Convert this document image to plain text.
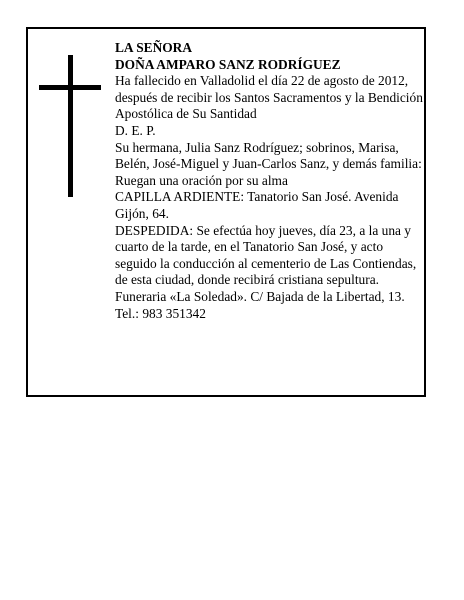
LA SEÑORA

DOÑA AMPARO SANZ RODRÍGUEZ

Ha fallecido en Valladolid el día 22 de agosto de 2012, después de recibir los Santos Sacramentos y la Bendición Apostólica de Su Santidad

D. E. P.

Su hermana, Julia Sanz Rodríguez; sobrinos, Marisa, Belén, José-Miguel y Juan-Carlos Sanz, y demás familia:

Ruegan una oración por su alma

CAPILLA ARDIENTE: Tanatorio San José. Avenida Gijón, 64.

DESPEDIDA: Se efectúa hoy jueves, día 23, a la una y cuarto de la tarde, en el Tanatorio San José, y acto seguido la conducción al cementerio de Las Contiendas, de esta ciudad, donde recibirá cristiana sepultura.

Funeraria «La Soledad». C/ Bajada de la Libertad, 13.

Tel.: 983 351342
